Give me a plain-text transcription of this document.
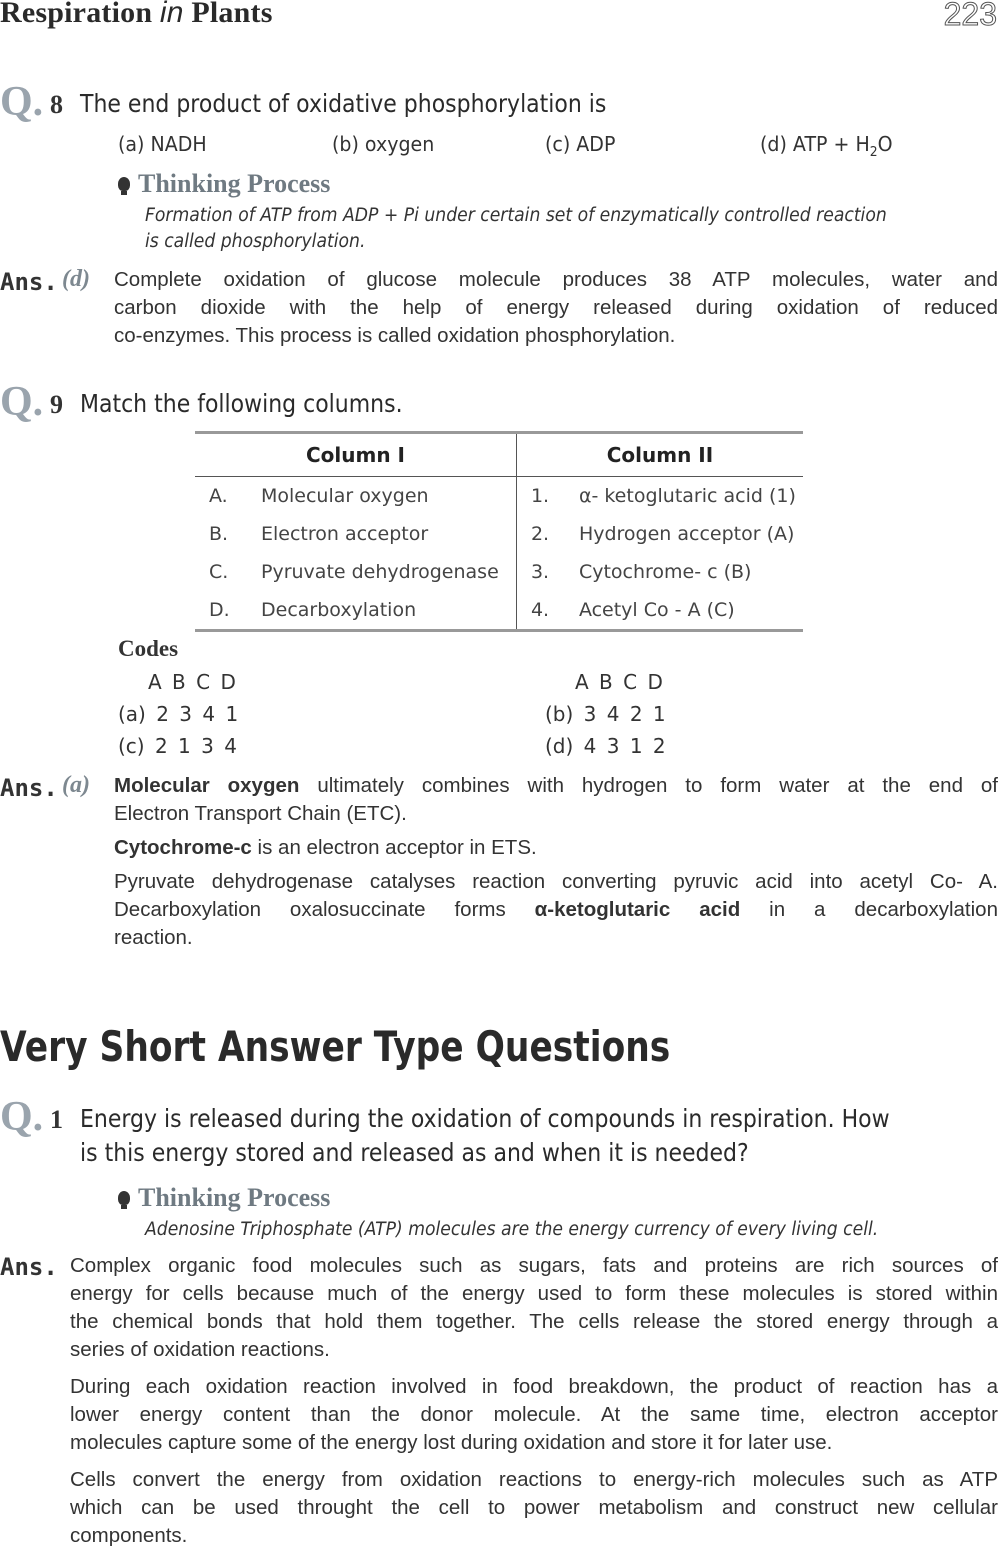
Respiration in Plants	223
Q. 8 The end product of oxidative phosphorylation is
(a) NADH	(b) oxygen	(c) ADP	(d) ATP + $H_2O$
Thinking Process
Formation of ATP from ADP + Pi under certain set of enzymatically controlled reaction
is called phosphorylation.
Ans. (d) Complete oxidation of glucose molecule produces 38 ATP molecules, water and
carbon dioxide with the help of energy released during oxidation of reduced
co-enzymes. This process is called oxidation phosphorylation.
Q. 9 Match the following columns.
Column I		Column II	
A.	Molecular oxygen	1.	α- ketoglutaric acid (1)
B.	Electron acceptor	2.	Hydrogen acceptor (A)
C.	Pyruvate dehydrogenase	3.	Cytochrome- c (B)
D.	Decarboxylation	4.	Acetyl Co - A (C)
Codes
A B C D	A B C D
(a) 2 3 4 1	(b) 3 4 2 1
(c) 2 1 3 4	(d) 4 3 1 2
Ans. (a) Molecular oxygen ultimately combines with hydrogen to form water at the end of
Electron Transport Chain (ETC).
Cytochrome-c is an electron acceptor in ETS.
Pyruvate dehydrogenase catalyses reaction converting pyruvic acid into acetyl Co- A.
Decarboxylation oxalosuccinate forms α-ketoglutaric acid in a decarboxylation
reaction.
Very Short Answer Type Questions
Q. 1 Energy is released during the oxidation of compounds in respiration. How
is this energy stored and released as and when it is needed?
Thinking Process
Adenosine Triphosphate (ATP) molecules are the energy currency of every living cell.
Ans. Complex organic food molecules such as sugars, fats and proteins are rich sources of
energy for cells because much of the energy used to form these molecules is stored within
the chemical bonds that hold them together. The cells release the stored energy through a
series of oxidation reactions.
During each oxidation reaction involved in food breakdown, the product of reaction has a
lower energy content than the donor molecule. At the same time, electron acceptor
molecules capture some of the energy lost during oxidation and store it for later use.
Cells convert the energy from oxidation reactions to energy-rich molecules such as ATP
which can be used throught the cell to power metabolism and construct new cellular
components.
